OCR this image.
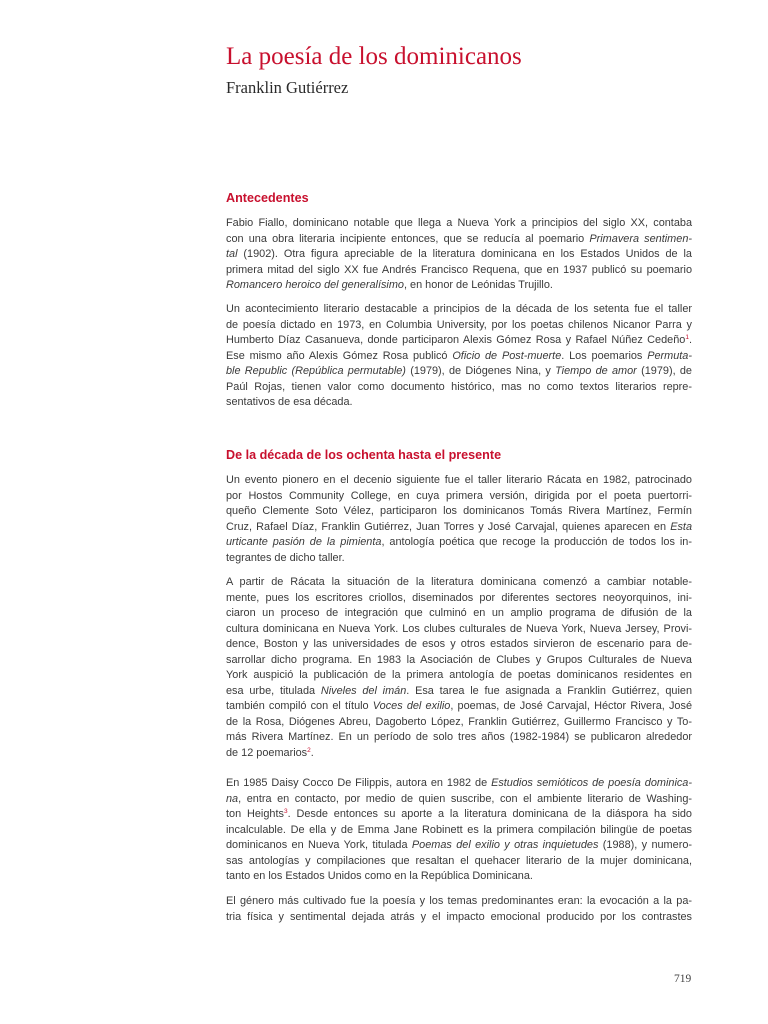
La poesía de los dominicanos
Franklin Gutiérrez
Antecedentes
Fabio Fiallo, dominicano notable que llega a Nueva York a principios del siglo XX, contaba
con una obra literaria incipiente entonces, que se reducía al poemario Primavera sentimen-
tal (1902). Otra figura apreciable de la literatura dominicana en los Estados Unidos de la
primera mitad del siglo XX fue Andrés Francisco Requena, que en 1937 publicó su poemario
Romancero heroico del generalísimo, en honor de Leónidas Trujillo.
Un acontecimiento literario destacable a principios de la década de los setenta fue el taller
de poesía dictado en 1973, en Columbia University, por los poetas chilenos Nicanor Parra y
Humberto Díaz Casanueva, donde participaron Alexis Gómez Rosa y Rafael Núñez Cedeño$^1$.
Ese mismo año Alexis Gómez Rosa publicó Oficio de Post-muerte. Los poemarios Permuta-
ble Republic (República permutable) (1979), de Diógenes Nina, y Tiempo de amor (1979), de
Paúl Rojas, tienen valor como documento histórico, mas no como textos literarios repre-
sentativos de esa década.
De la década de los ochenta hasta el presente
Un evento pionero en el decenio siguiente fue el taller literario Rácata en 1982, patrocinado
por Hostos Community College, en cuya primera versión, dirigida por el poeta puertorri-
queño Clemente Soto Vélez, participaron los dominicanos Tomás Rivera Martínez, Fermín
Cruz, Rafael Díaz, Franklin Gutiérrez, Juan Torres y José Carvajal, quienes aparecen en Esta
urticante pasión de la pimienta, antología poética que recoge la producción de todos los in-
tegrantes de dicho taller.
A partir de Rácata la situación de la literatura dominicana comenzó a cambiar notable-
mente, pues los escritores criollos, diseminados por diferentes sectores neoyorquinos, ini-
ciaron un proceso de integración que culminó en un amplio programa de difusión de la
cultura dominicana en Nueva York. Los clubes culturales de Nueva York, Nueva Jersey, Provi-
dence, Boston y las universidades de esos y otros estados sirvieron de escenario para de-
sarrollar dicho programa. En 1983 la Asociación de Clubes y Grupos Culturales de Nueva
York auspició la publicación de la primera antología de poetas dominicanos residentes en
esa urbe, titulada Niveles del imán. Esa tarea le fue asignada a Franklin Gutiérrez, quien
también compiló con el título Voces del exilio, poemas, de José Carvajal, Héctor Rivera, José
de la Rosa, Diógenes Abreu, Dagoberto López, Franklin Gutiérrez, Guillermo Francisco y To-
más Rivera Martínez. En un período de solo tres años (1982-1984) se publicaron alrededor
de 12 poemarios$^2$.
En 1985 Daisy Cocco De Filippis, autora en 1982 de Estudios semióticos de poesía dominica-
na, entra en contacto, por medio de quien suscribe, con el ambiente literario de Washing-
ton Heights$^3$. Desde entonces su aporte a la literatura dominicana de la diáspora ha sido
incalculable. De ella y de Emma Jane Robinett es la primera compilación bilingüe de poetas
dominicanos en Nueva York, titulada Poemas del exilio y otras inquietudes (1988), y numero-
sas antologías y compilaciones que resaltan el quehacer literario de la mujer dominicana,
tanto en los Estados Unidos como en la República Dominicana.
El género más cultivado fue la poesía y los temas predominantes eran: la evocación a la pa-
tria física y sentimental dejada atrás y el impacto emocional producido por los contrastes
719
